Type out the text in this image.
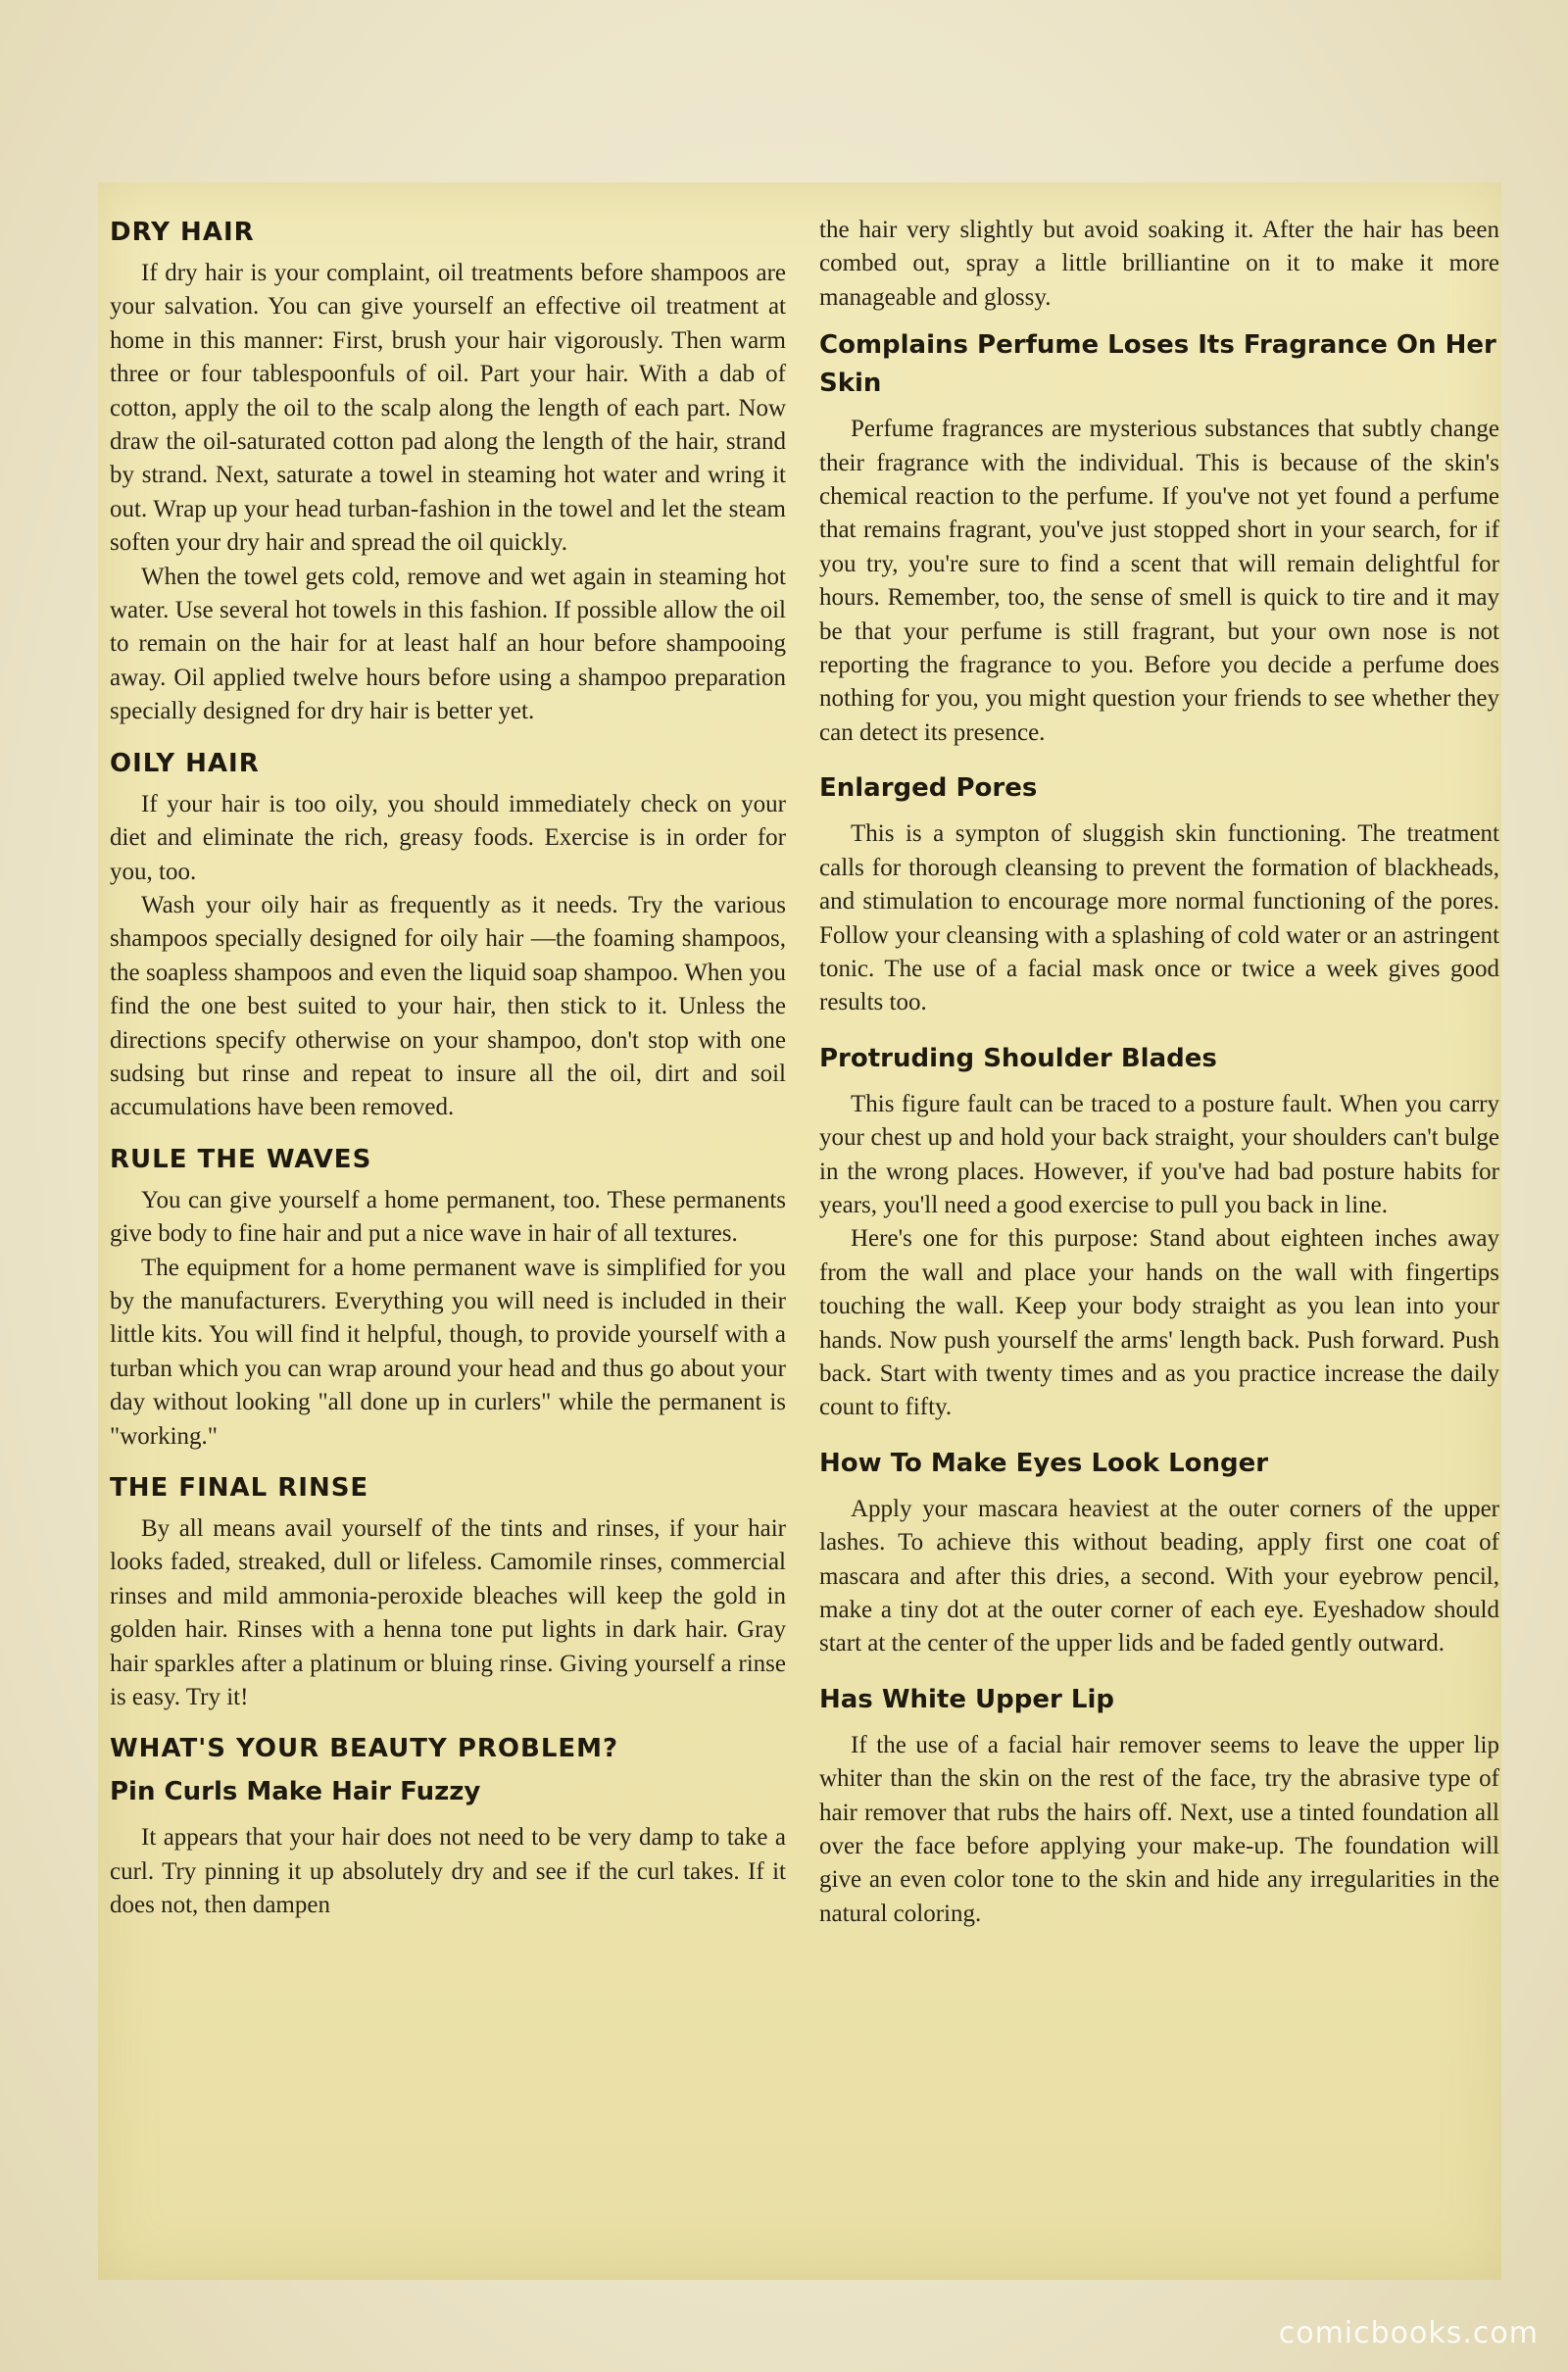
DRY HAIR

If dry hair is your complaint, oil treatments before shampoos are your salvation. You can give yourself an effective oil treatment at home in this manner: First, brush your hair vigorously. Then warm three or four tablespoonfuls of oil. Part your hair. With a dab of cotton, apply the oil to the scalp along the length of each part. Now draw the oil-saturated cotton pad along the length of the hair, strand by strand. Next, saturate a towel in steaming hot water and wring it out. Wrap up your head turban-fashion in the towel and let the steam soften your dry hair and spread the oil quickly.

When the towel gets cold, remove and wet again in steaming hot water. Use several hot towels in this fashion. If possible allow the oil to remain on the hair for at least half an hour before shampooing away. Oil applied twelve hours before using a shampoo preparation specially designed for dry hair is better yet.

OILY HAIR

If your hair is too oily, you should immediately check on your diet and eliminate the rich, greasy foods. Exercise is in order for you, too.

Wash your oily hair as frequently as it needs. Try the various shampoos specially designed for oily hair —the foaming shampoos, the soapless shampoos and even the liquid soap shampoo. When you find the one best suited to your hair, then stick to it. Unless the directions specify otherwise on your shampoo, don't stop with one sudsing but rinse and repeat to insure all the oil, dirt and soil accumulations have been removed.

RULE THE WAVES

You can give yourself a home permanent, too. These permanents give body to fine hair and put a nice wave in hair of all textures.

The equipment for a home permanent wave is simplified for you by the manufacturers. Everything you will need is included in their little kits. You will find it helpful, though, to provide yourself with a turban which you can wrap around your head and thus go about your day without looking "all done up in curlers" while the permanent is "working."

THE FINAL RINSE

By all means avail yourself of the tints and rinses, if your hair looks faded, streaked, dull or lifeless. Camomile rinses, commercial rinses and mild ammonia-peroxide bleaches will keep the gold in golden hair. Rinses with a henna tone put lights in dark hair. Gray hair sparkles after a platinum or bluing rinse. Giving yourself a rinse is easy. Try it!

WHAT'S YOUR BEAUTY PROBLEM?
Pin Curls Make Hair Fuzzy

It appears that your hair does not need to be very damp to take a curl. Try pinning it up absolutely dry and see if the curl takes. If it does not, then dampen

the hair very slightly but avoid soaking it. After the hair has been combed out, spray a little brilliantine on it to make it more manageable and glossy.

Complains Perfume Loses Its Fragrance On Her Skin

Perfume fragrances are mysterious substances that subtly change their fragrance with the individual. This is because of the skin's chemical reaction to the perfume. If you've not yet found a perfume that remains fragrant, you've just stopped short in your search, for if you try, you're sure to find a scent that will remain delightful for hours. Remember, too, the sense of smell is quick to tire and it may be that your perfume is still fragrant, but your own nose is not reporting the fragrance to you. Before you decide a perfume does nothing for you, you might question your friends to see whether they can detect its presence.

Enlarged Pores

This is a sympton of sluggish skin functioning. The treatment calls for thorough cleansing to prevent the formation of blackheads, and stimulation to encourage more normal functioning of the pores. Follow your cleansing with a splashing of cold water or an astringent tonic. The use of a facial mask once or twice a week gives good results too.

Protruding Shoulder Blades

This figure fault can be traced to a posture fault. When you carry your chest up and hold your back straight, your shoulders can't bulge in the wrong places. However, if you've had bad posture habits for years, you'll need a good exercise to pull you back in line.

Here's one for this purpose: Stand about eighteen inches away from the wall and place your hands on the wall with fingertips touching the wall. Keep your body straight as you lean into your hands. Now push yourself the arms' length back. Push forward. Push back. Start with twenty times and as you practice increase the daily count to fifty.

How To Make Eyes Look Longer

Apply your mascara heaviest at the outer corners of the upper lashes. To achieve this without beading, apply first one coat of mascara and after this dries, a second. With your eyebrow pencil, make a tiny dot at the outer corner of each eye. Eyeshadow should start at the center of the upper lids and be faded gently outward.

Has White Upper Lip

If the use of a facial hair remover seems to leave the upper lip whiter than the skin on the rest of the face, try the abrasive type of hair remover that rubs the hairs off. Next, use a tinted foundation all over the face before applying your make-up. The foundation will give an even color tone to the skin and hide any irregularities in the natural coloring.

comicbooks.com
